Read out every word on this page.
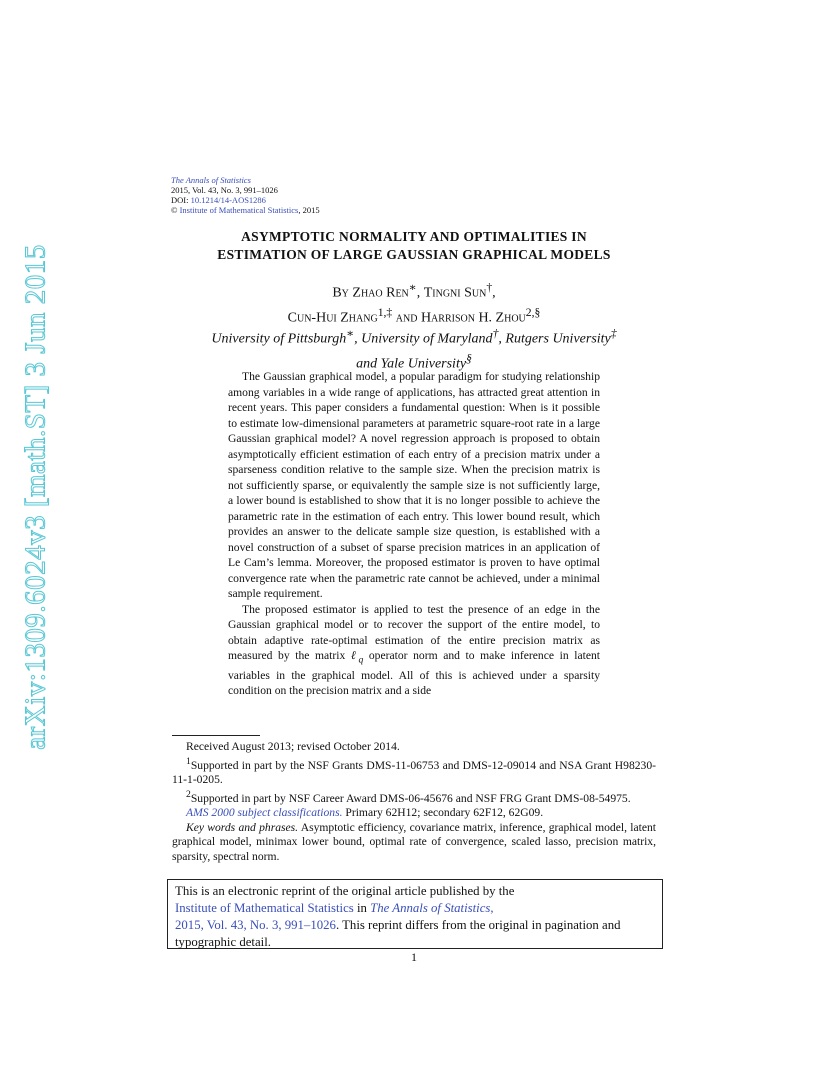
arXiv:1309.6024v3 [math.ST] 3 Jun 2015
The Annals of Statistics
2015, Vol. 43, No. 3, 991–1026
DOI: 10.1214/14-AOS1286
© Institute of Mathematical Statistics, 2015
ASYMPTOTIC NORMALITY AND OPTIMALITIES IN
ESTIMATION OF LARGE GAUSSIAN GRAPHICAL MODELS
By Zhao Ren∗, Tingni Sun†,
Cun-Hui Zhang$^{1,\ddagger}$ and Harrison H. Zhou$^{2,\S}$
University of Pittsburgh∗, University of Maryland†, Rutgers University‡
and Yale University§

The Gaussian graphical model, a popular paradigm for studying relationship among variables in a wide range of applications, has attracted great attention in recent years. This paper considers a fundamental question: When is it possible to estimate low-dimensional parameters at parametric square-root rate in a large Gaussian graphical model? A novel regression approach is proposed to obtain asymptotically efficient estimation of each entry of a precision matrix under a sparseness condition relative to the sample size. When the precision matrix is not sufficiently sparse, or equivalently the sample size is not sufficiently large, a lower bound is established to show that it is no longer possible to achieve the parametric rate in the estimation of each entry. This lower bound result, which provides an answer to the delicate sample size question, is established with a novel construction of a subset of sparse precision matrices in an application of Le Cam’s lemma. Moreover, the proposed estimator is proven to have optimal convergence rate when the parametric rate cannot be achieved, under a minimal sample requirement.

The proposed estimator is applied to test the presence of an edge in the Gaussian graphical model or to recover the support of the entire model, to obtain adaptive rate-optimal estimation of the entire precision matrix as measured by the matrix ℓ$_q$ operator norm and to make inference in latent variables in the graphical model. All of this is achieved under a sparsity condition on the precision matrix and a side

Received August 2013; revised October 2014.

$^1$Supported in part by the NSF Grants DMS-11-06753 and DMS-12-09014 and NSA Grant H98230-11-1-0205.

$^2$Supported in part by NSF Career Award DMS-06-45676 and NSF FRG Grant DMS-08-54975.

AMS 2000 subject classifications. Primary 62H12; secondary 62F12, 62G09.

Key words and phrases. Asymptotic efficiency, covariance matrix, inference, graphical model, latent graphical model, minimax lower bound, optimal rate of convergence, scaled lasso, precision matrix, sparsity, spectral norm.

This is an electronic reprint of the original article published by the
Institute of Mathematical Statistics in The Annals of Statistics,
2015, Vol. 43, No. 3, 991–1026. This reprint differs from the original in pagination and typographic detail.
1
